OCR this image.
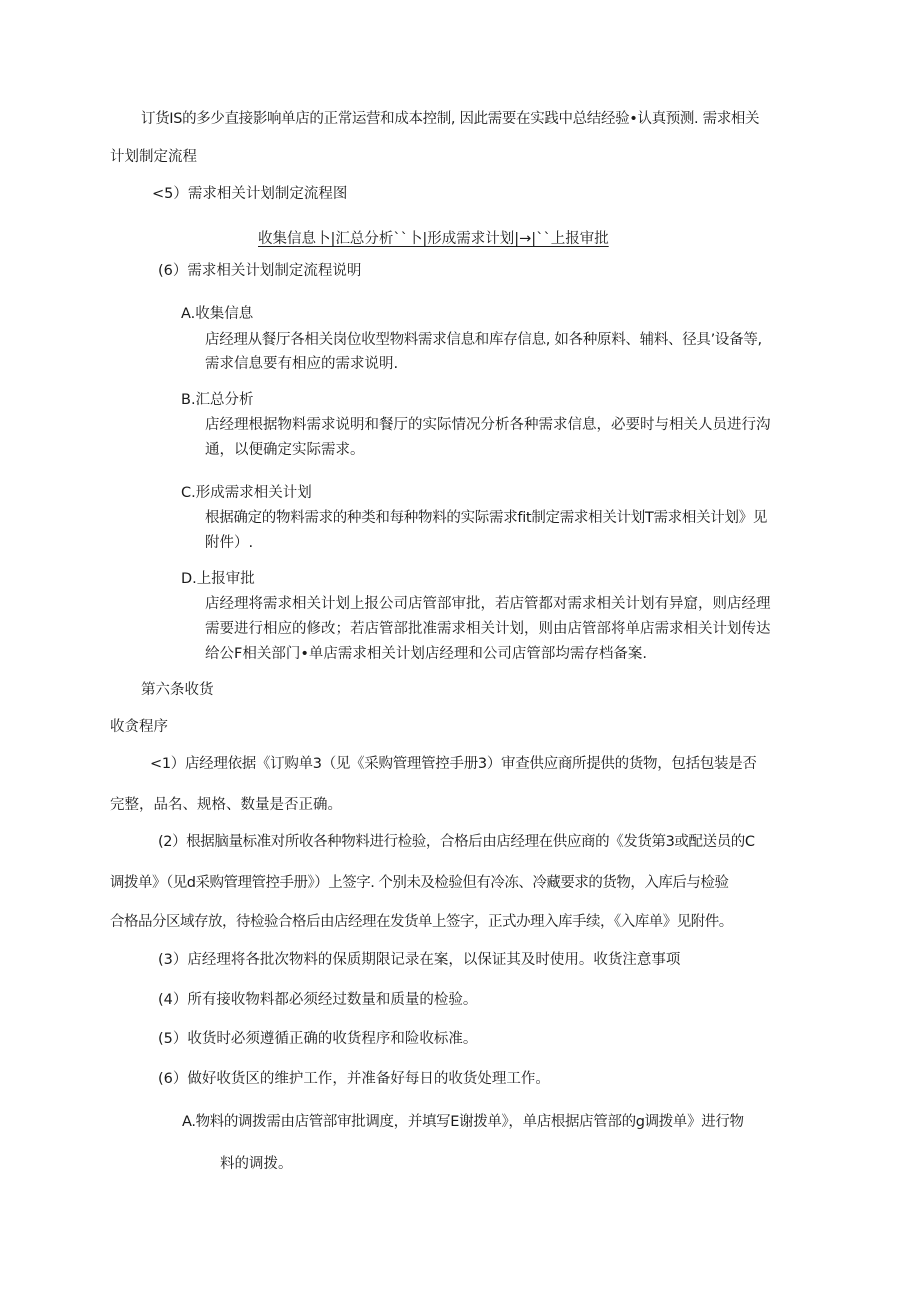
订货IS的多少直接影响单店的正常运营和成本控制, 因此需要在实践中总结经验•认真预测. 需求相关
计划制定流程
<5）需求相关计划制定流程图
收集信息卜|汇总分析``卜|形成需求计划|→|``上报审批
(6）需求相关计划制定流程说明
A.收集信息
店经理从餐厅各相关岗位收型物料需求信息和库存信息, 如各种原料、辅料、径具’设备等,
需求信息要有相应的需求说明.
B.汇总分析
店经理根据物料需求说明和餐厅的实际情况分析各种需求信息，必要时与相关人员进行沟
通，以便确定实际需求。
C.形成需求相关计划
根据确定的物料需求的种类和每种物料的实际需求fit制定需求相关计划T需求相关计划》见
附件）.
D.上报审批
店经理将需求相关计划上报公司店管部审批，若店管都对需求相关计划有异窟，则店经理
需要进行相应的修改；若店管部批准需求相关计划，则由店管部将单店需求相关计划传达
给公F相关部门•单店需求相关计划店经理和公司店管部均需存档备案.
第六条收货
收贪程序
<1）店经理依据《订购单3（见《采购管理管控手册3）审查供应商所提供的货物，包括包装是否
完整，品名、规格、数量是否正确。
(2）根据脑量标准对所收各种物料进行检验，合格后由店经理在供应商的《发货第3或配送员的C
调拨单》（见d采购管理管控手册》）上签字. 个别未及检验但有冷冻、冷藏要求的货物，入库后与检验
合格品分区域存放，待检验合格后由店经理在发货单上签字，正式办理入库手续，《入库单》见附件。
(3）店经理将各批次物料的保质期限记录在案，以保证其及时使用。收货注意事项
(4）所有接收物料都必须经过数量和质量的检验。
(5）收货时必须遵循正确的收货程序和险收标准。
(6）做好收货区的维护工作，并准备好每日的收货处理工作。
A.物料的调拨需由店管部审批调度，并填写E谢拨单》，单店根据店管部的g调拨单》进行物
料的调拨。
